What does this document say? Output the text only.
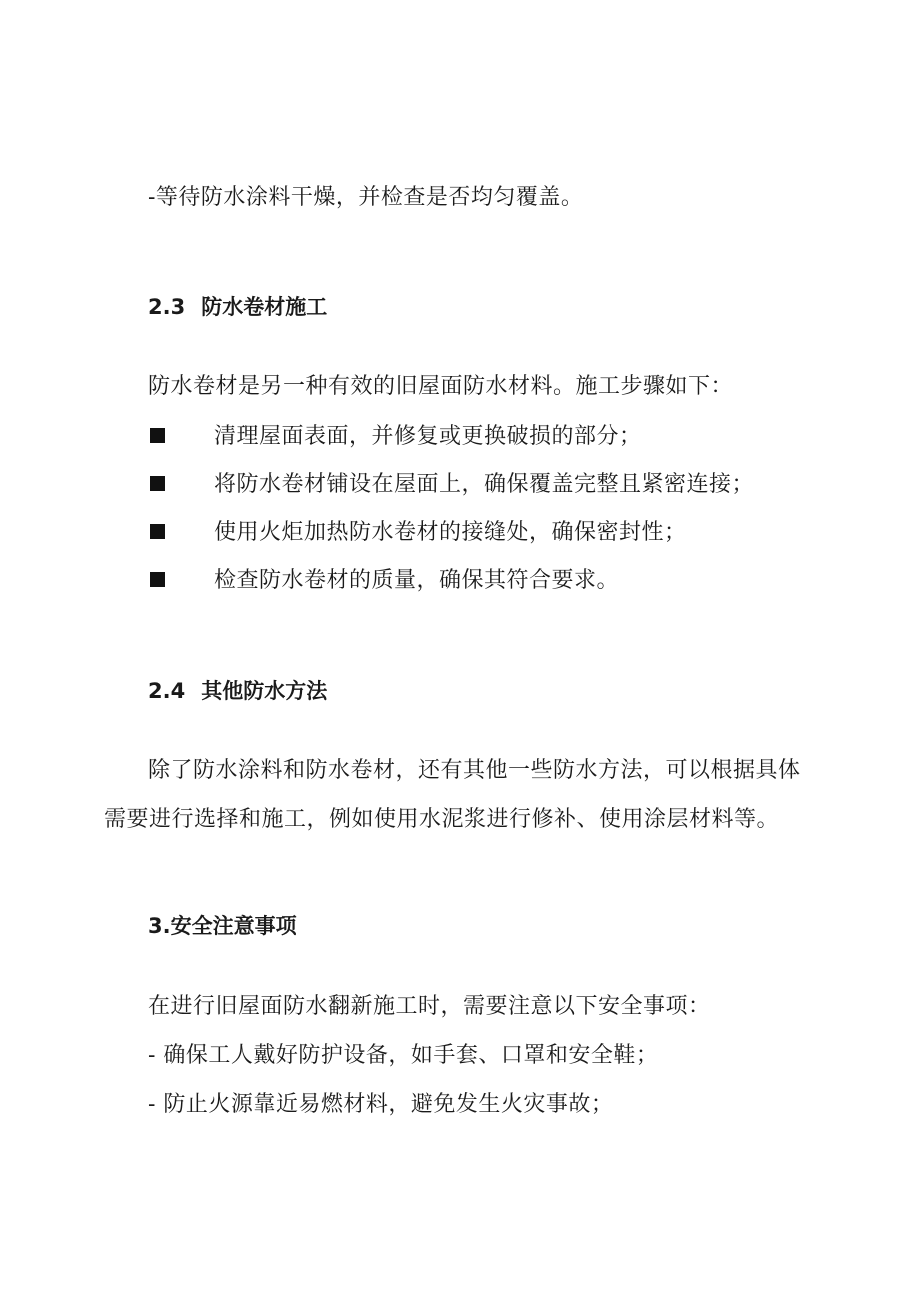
-等待防水涂料干燥，并检查是否均匀覆盖。
2.3 防水卷材施工
防水卷材是另一种有效的旧屋面防水材料。施工步骤如下：
清理屋面表面，并修复或更换破损的部分；
将防水卷材铺设在屋面上，确保覆盖完整且紧密连接；
使用火炬加热防水卷材的接缝处，确保密封性；
检查防水卷材的质量，确保其符合要求。
2.4 其他防水方法
除了防水涂料和防水卷材，还有其他一些防水方法，可以根据具体
需要进行选择和施工，例如使用水泥浆进行修补、使用涂层材料等。
3.安全注意事项
在进行旧屋面防水翻新施工时，需要注意以下安全事项：
- 确保工人戴好防护设备，如手套、口罩和安全鞋；
- 防止火源靠近易燃材料，避免发生火灾事故；
